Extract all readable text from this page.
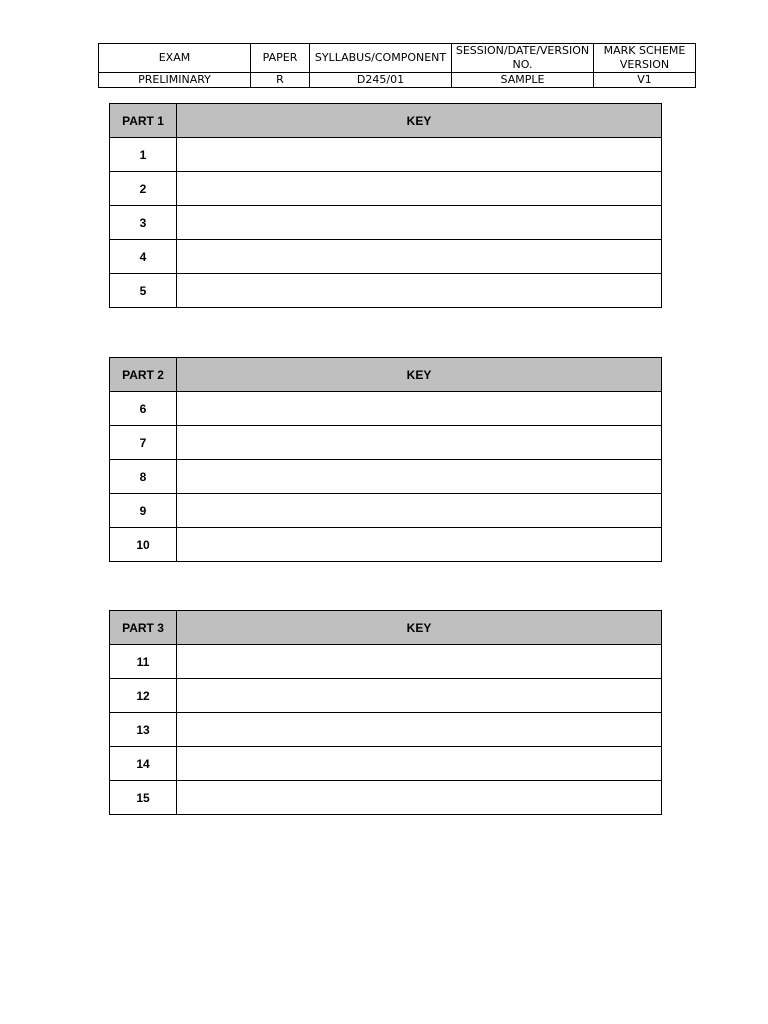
EXAM	PAPER	SYLLABUS/COMPONENT	SESSION/DATE/VERSION NO.	MARK SCHEME VERSION
PRELIMINARY	R	D245/01	SAMPLE	V1
PART 1	KEY
1	
2	
3	
4	
5	
PART 2	KEY
6	
7	
8	
9	
10	
PART 3	KEY
11	
12	
13	
14	
15	
